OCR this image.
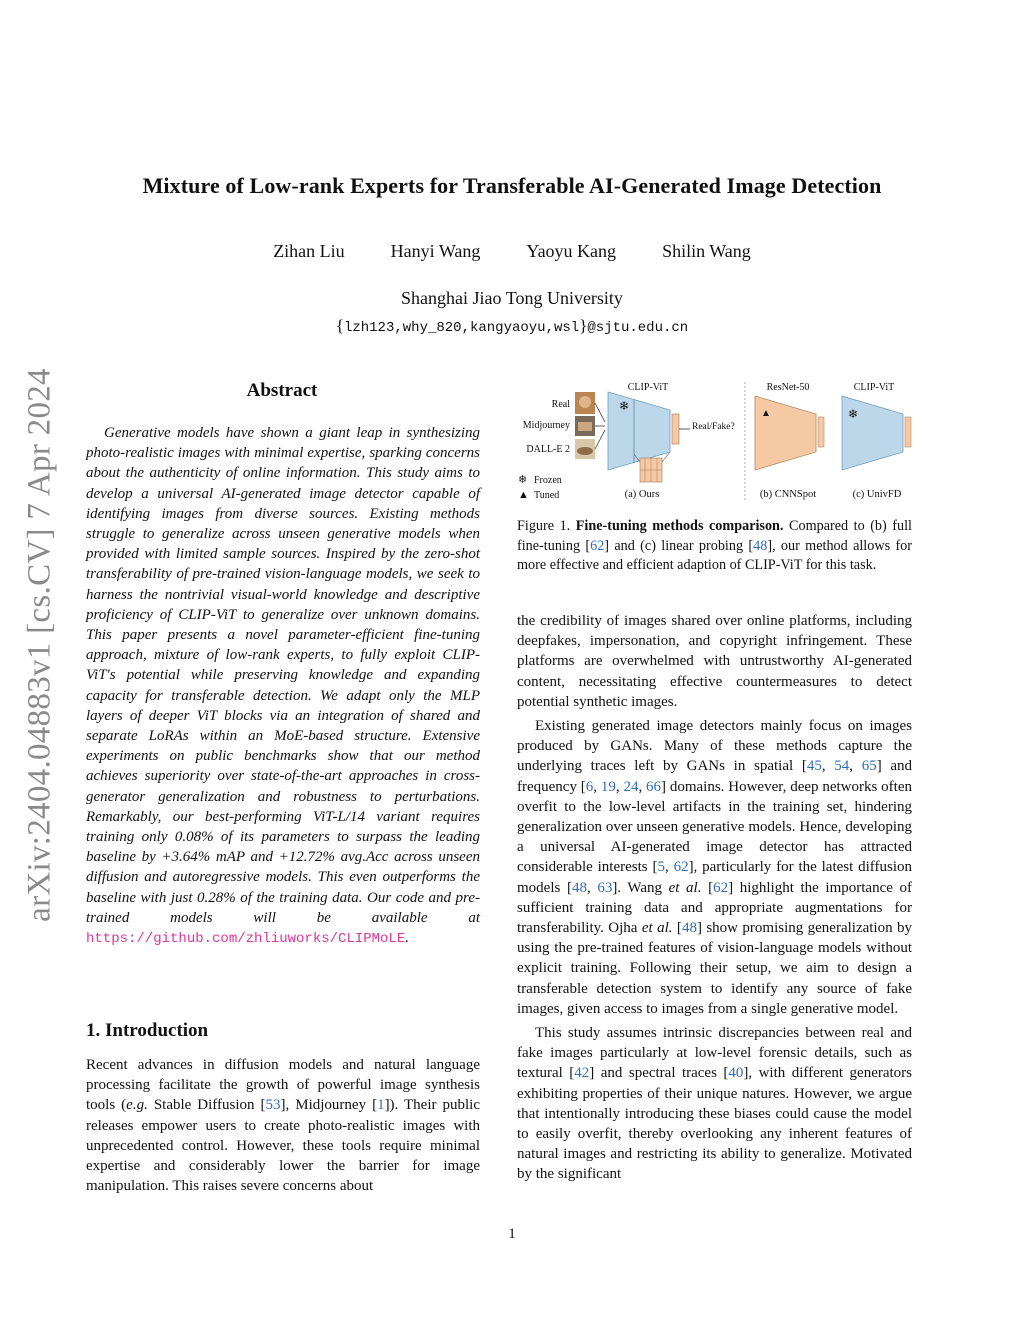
Mixture of Low-rank Experts for Transferable AI-Generated Image Detection
Zihan Liu	Hanyi Wang	Yaoyu Kang	Shilin Wang
Shanghai Jiao Tong University
{lzh123,why_820,kangyaoyu,wsl}@sjtu.edu.cn
arXiv:2404.04883v1 [cs.CV] 7 Apr 2024	Abstract

Generative models have shown a giant leap in synthesizing photo-realistic images with minimal expertise, sparking concerns about the authenticity of online information. This study aims to develop a universal AI-generated image detector capable of identifying images from diverse sources. Existing methods struggle to generalize across unseen generative models when provided with limited sample sources. Inspired by the zero-shot transferability of pre-trained vision-language models, we seek to harness the nontrivial visual-world knowledge and descriptive proficiency of CLIP-ViT to generalize over unknown domains. This paper presents a novel parameter-efficient fine-tuning approach, mixture of low-rank experts, to fully exploit CLIP-ViT's potential while preserving knowledge and expanding capacity for transferable detection. We adapt only the MLP layers of deeper ViT blocks via an integration of shared and separate LoRAs within an MoE-based structure. Extensive experiments on public benchmarks show that our method achieves superiority over state-of-the-art approaches in cross-generator generalization and robustness to perturbations. Remarkably, our best-performing ViT-L/14 variant requires training only 0.08% of its parameters to surpass the leading baseline by +3.64% mAP and +12.72% avg.Acc across unseen diffusion and autoregressive models. This even outperforms the baseline with just 0.28% of the training data. Our code and pre-trained models will be available at https://github.com/zhliuworks/CLIPMoLE.

1. Introduction

Recent advances in diffusion models and natural language processing facilitate the growth of powerful image synthesis tools (e.g. Stable Diffusion [53], Midjourney [1]). Their public releases empower users to create photo-realistic images with unprecedented control. However, these tools require minimal expertise and considerably lower the barrier for image manipulation. This raises severe concerns about

Real
Midjourney
DALL-E 2
CLIP-ViT
❄
Real/Fake?
❄ Frozen
▲ Tuned	(a) Ours
ResNet-50
▲
(b) CNNSpot
CLIP-ViT
❄
(c) UnivFD

Figure 1. Fine-tuning methods comparison. Compared to (b) full fine-tuning [62] and (c) linear probing [48], our method allows for more effective and efficient adaption of CLIP-ViT for this task.

the credibility of images shared over online platforms, including deepfakes, impersonation, and copyright infringement. These platforms are overwhelmed with untrustworthy AI-generated content, necessitating effective countermeasures to detect potential synthetic images.

Existing generated image detectors mainly focus on images produced by GANs. Many of these methods capture the underlying traces left by GANs in spatial [45, 54, 65] and frequency [6, 19, 24, 66] domains. However, deep networks often overfit to the low-level artifacts in the training set, hindering generalization over unseen generative models. Hence, developing a universal AI-generated image detector has attracted considerable interests [5, 62], particularly for the latest diffusion models [48, 63]. Wang et al. [62] highlight the importance of sufficient training data and appropriate augmentations for transferability. Ojha et al. [48] show promising generalization by using the pre-trained features of vision-language models without explicit training. Following their setup, we aim to design a transferable detection system to identify any source of fake images, given access to images from a single generative model.

This study assumes intrinsic discrepancies between real and fake images particularly at low-level forensic details, such as textural [42] and spectral traces [40], with different generators exhibiting properties of their unique natures. However, we argue that intentionally introducing these biases could cause the model to easily overfit, thereby overlooking any inherent features of natural images and restricting its ability to generalize. Motivated by the significant

1
